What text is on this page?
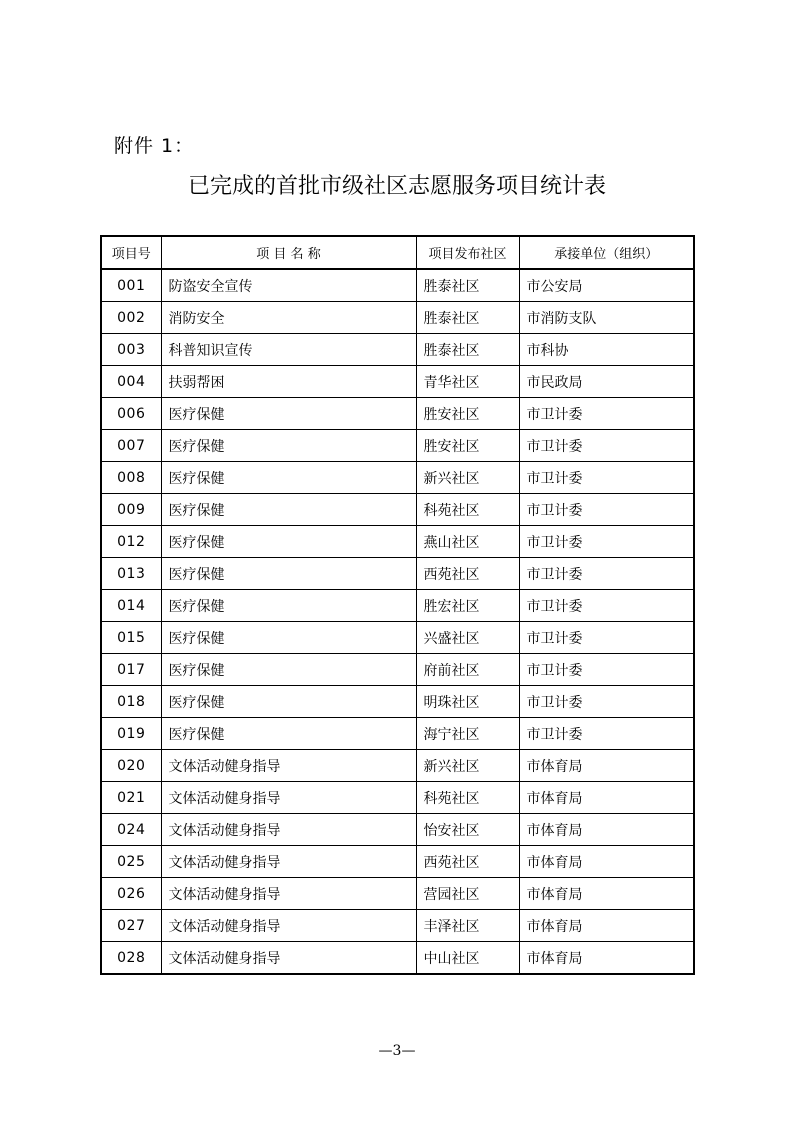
附件 1：
已完成的首批市级社区志愿服务项目统计表
项目号	项 目 名 称	项目发布社区	承接单位（组织）
001	防盗安全宣传	胜泰社区	市公安局
002	消防安全	胜泰社区	市消防支队
003	科普知识宣传	胜泰社区	市科协
004	扶弱帮困	青华社区	市民政局
006	医疗保健	胜安社区	市卫计委
007	医疗保健	胜安社区	市卫计委
008	医疗保健	新兴社区	市卫计委
009	医疗保健	科苑社区	市卫计委
012	医疗保健	燕山社区	市卫计委
013	医疗保健	西苑社区	市卫计委
014	医疗保健	胜宏社区	市卫计委
015	医疗保健	兴盛社区	市卫计委
017	医疗保健	府前社区	市卫计委
018	医疗保健	明珠社区	市卫计委
019	医疗保健	海宁社区	市卫计委
020	文体活动健身指导	新兴社区	市体育局
021	文体活动健身指导	科苑社区	市体育局
024	文体活动健身指导	怡安社区	市体育局
025	文体活动健身指导	西苑社区	市体育局
026	文体活动健身指导	营园社区	市体育局
027	文体活动健身指导	丰泽社区	市体育局
028	文体活动健身指导	中山社区	市体育局
—3—
